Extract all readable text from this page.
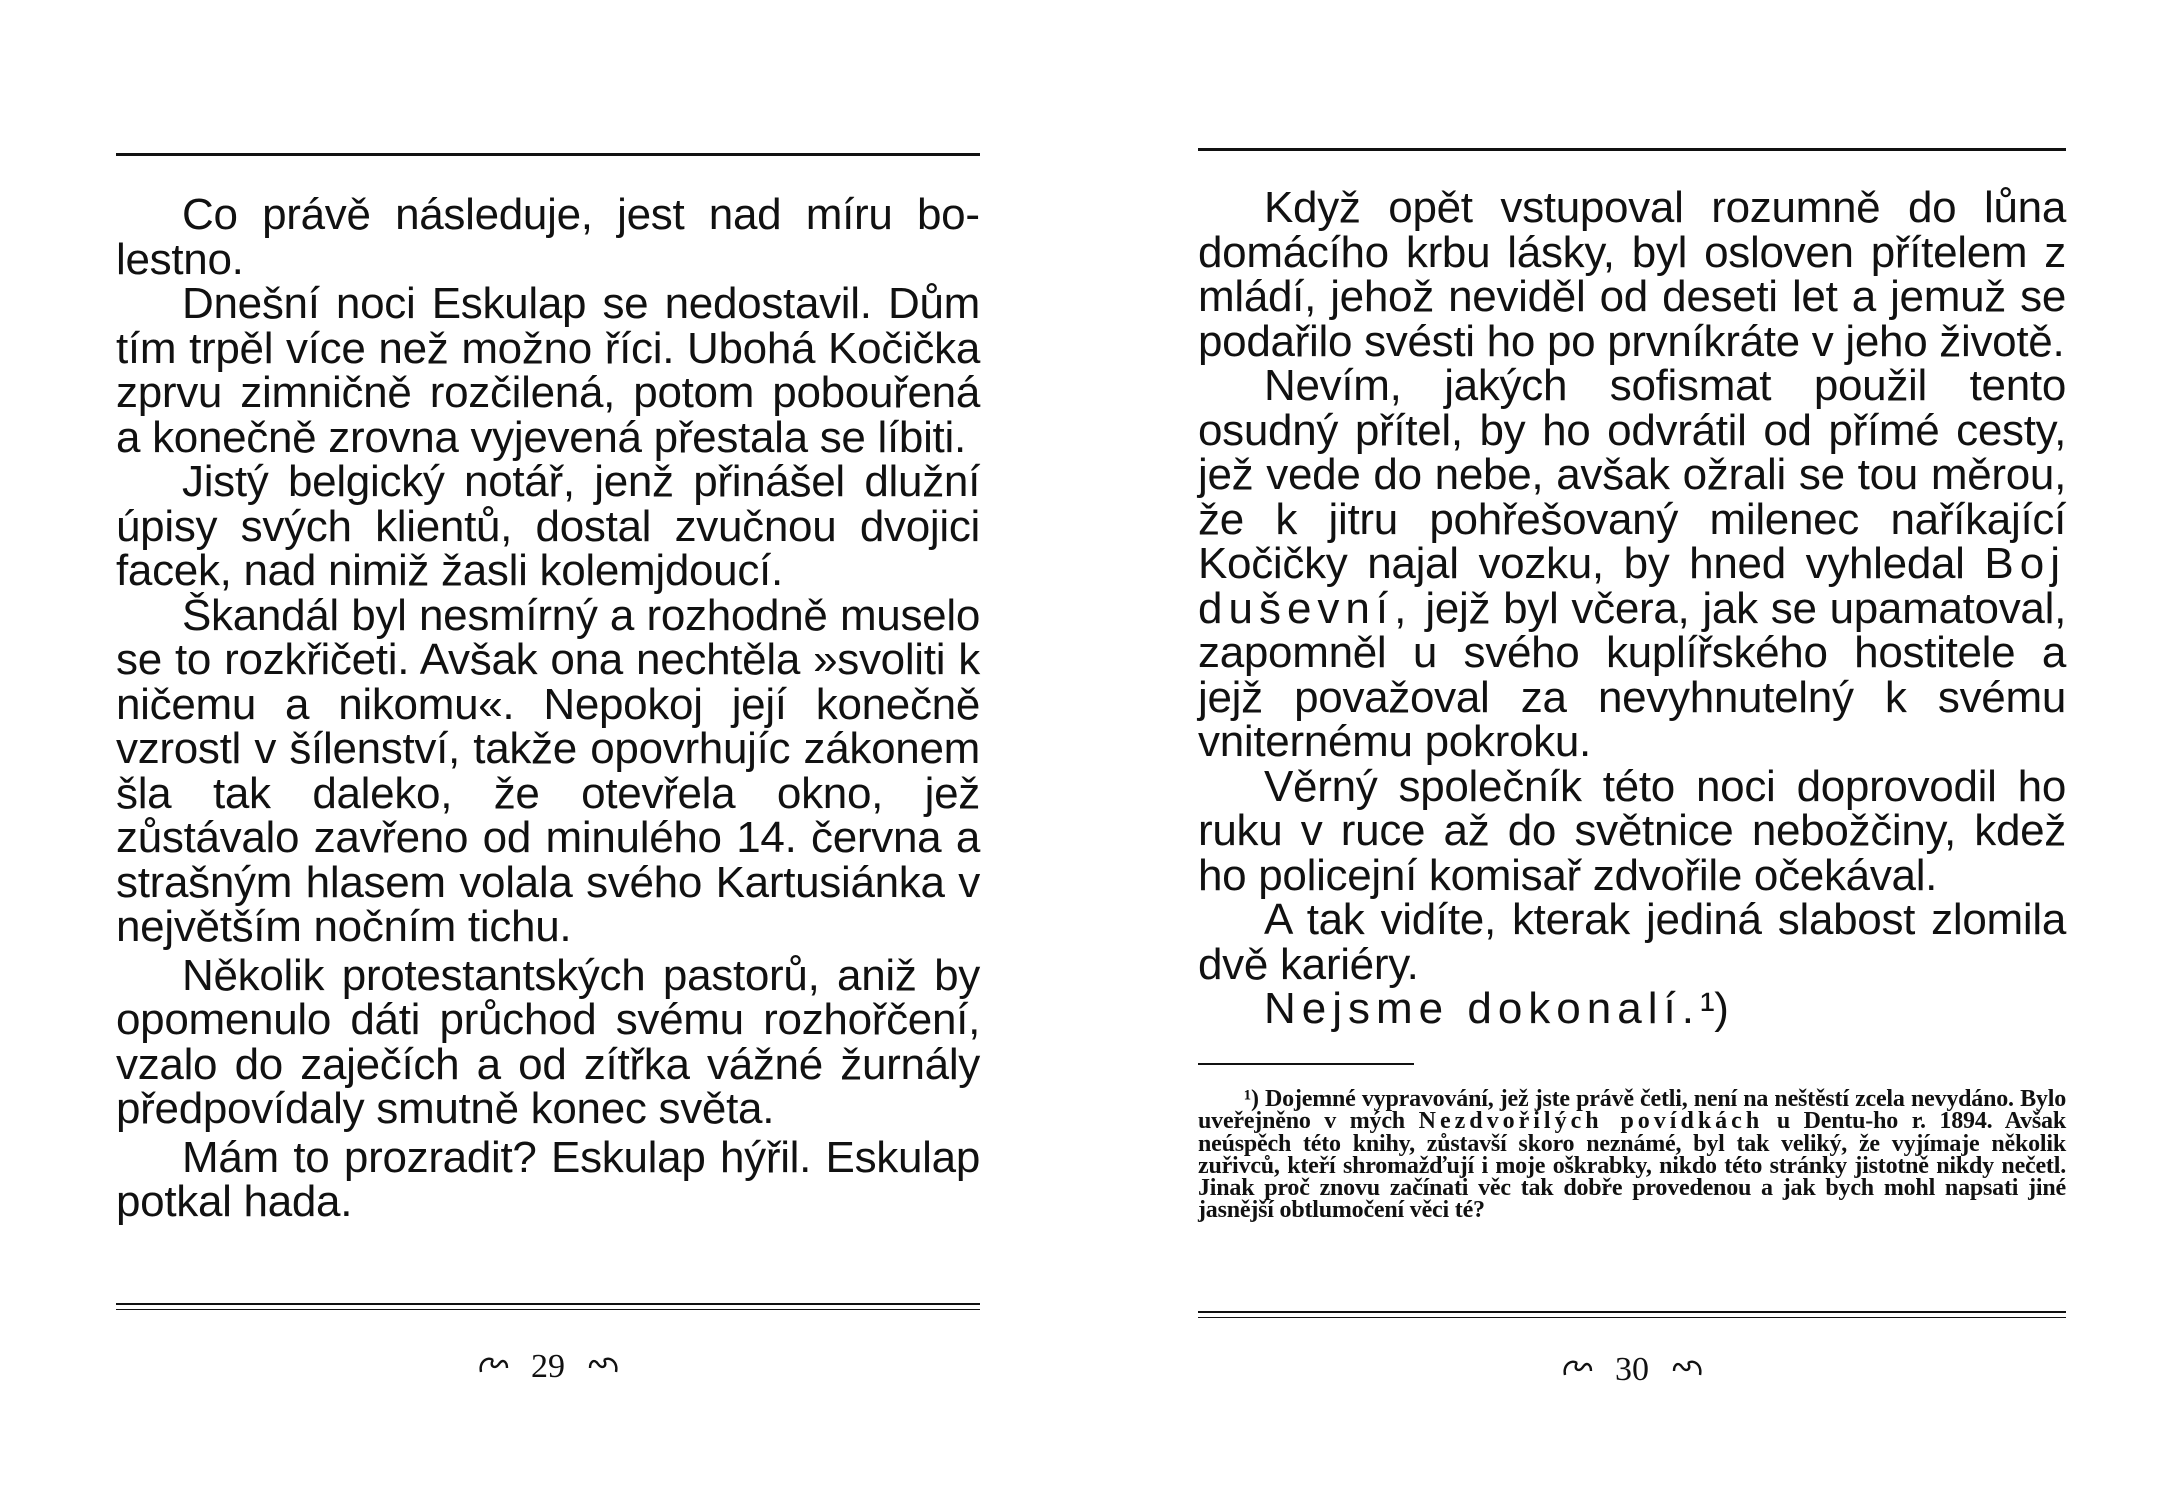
Co právě následuje, jest nad míru bolestno.

Dnešní noci Eskulap se nedostavil. Dům tím trpěl více než možno říci. Ubohá Kočička zprvu zimničně rozčilená, potom pobouřená a konečně zrovna vyjevená přestala se líbiti.

Jistý belgický notář, jenž přinášel dlužní úpisy svých klientů, dostal zvučnou dvojici facek, nad nimiž žasli kolemjdoucí.

Škandál byl nesmírný a rozhodně muselo se to rozkřičeti. Avšak ona nechtěla »svoliti k ničemu a nikomu«. Nepokoj její konečně vzrostl v šílenství, takže opovrhujíc zákonem šla tak daleko, že otevřela okno, jež zůstávalo zavřeno od minulého 14. června a strašným hlasem volala svého Kartusiánka v největším nočním tichu.

Několik protestantských pastorů, aniž by opomenulo dáti průchod svému rozhořčení, vzalo do zaječích a od zítřka vážné žurnály předpovídaly smutně konec světa.

Mám to prozradit? Eskulap hýřil. Eskulap potkal hada.

29

Když opět vstupoval rozumně do lůna domácího krbu lásky, byl osloven přítelem z mládí, jehož neviděl od deseti let a jemuž se podařilo svésti ho po prvníkráte v jeho životě.

Nevím, jakých sofismat použil tento osudný přítel, by ho odvrátil od přímé cesty, jež vede do nebe, avšak ožrali se tou měrou, že k jitru pohřešovaný milenec naříkající Kočičky najal vozku, by hned vyhledal Boj duševní, jejž byl včera, jak se upamatoval, zapomněl u svého kuplířského hostitele a jejž považoval za nevyhnutelný k svému vniternému pokroku.

Věrný společník této noci doprovodil ho ruku v ruce až do světnice nebožčiny, kdež ho policejní komisař zdvořile očekával.

A tak vidíte, kterak jediná slabost zlomila dvě kariéry.

Nejsme dokonalí.¹)

¹) Dojemné vypravování, jež jste právě četli, není na neštěstí zcela nevydáno. Bylo uveřejněno v mých Nezdvořilých povídkách u Dentu-ho r. 1894. Avšak neúspěch této knihy, zůstavší skoro neznámé, byl tak veliký, že vyjímaje několik zuřivců, kteří shromažďují i moje oškrabky, nikdo této stránky jistotně nikdy nečetl. Jinak proč znovu začínati věc tak dobře provedenou a jak bych mohl napsati jiné jasnější obtlumočení věci té?
30
